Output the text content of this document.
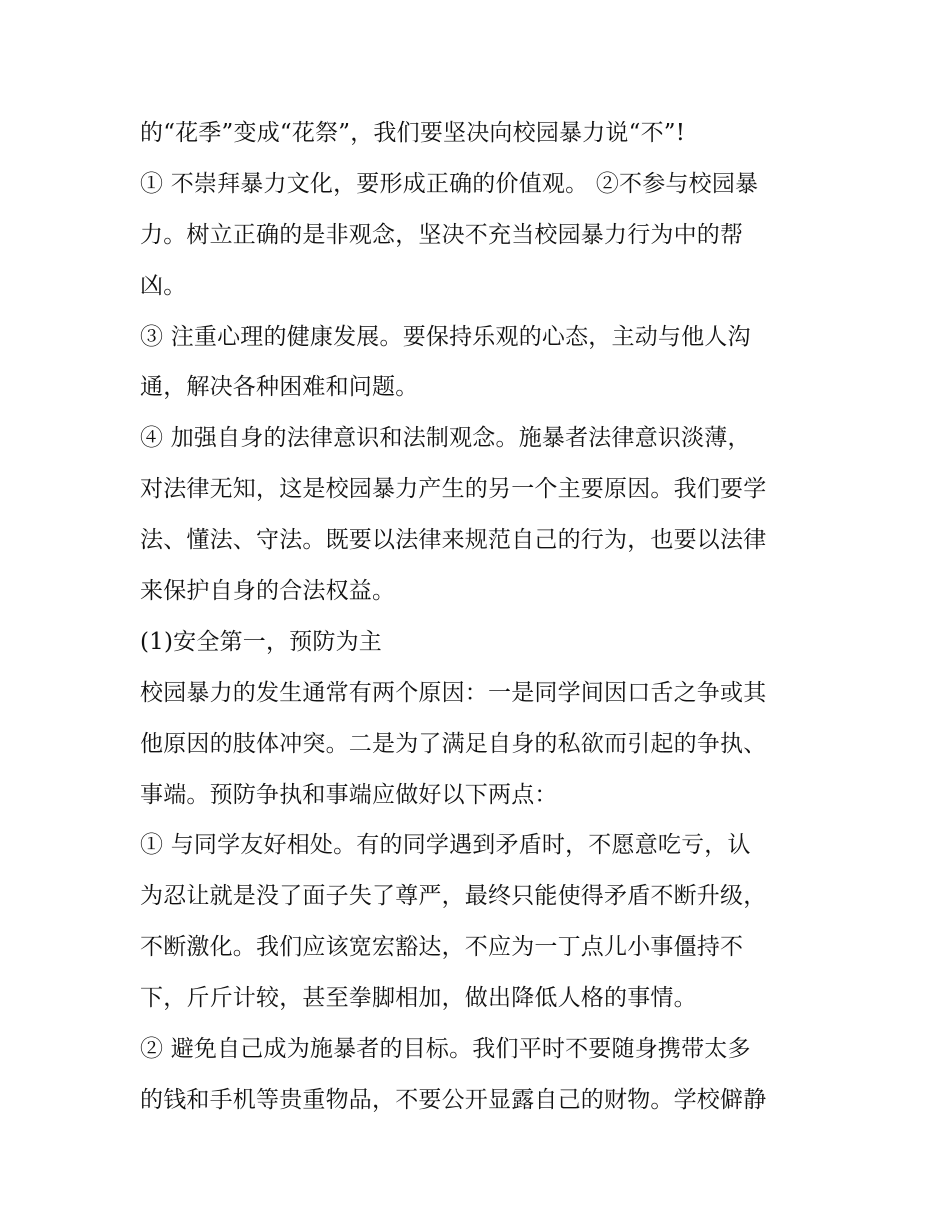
的“花季”变成“花祭”，我们要坚决向校园暴力说“不”!
① 不崇拜暴力文化，要形成正确的价值观。 ②不参与校园暴
力。树立正确的是非观念，坚决不充当校园暴力行为中的帮
凶。
③ 注重心理的健康发展。要保持乐观的心态，主动与他人沟
通，解决各种困难和问题。
④ 加强自身的法律意识和法制观念。施暴者法律意识淡薄，
对法律无知，这是校园暴力产生的另一个主要原因。我们要学
法、懂法、守法。既要以法律来规范自己的行为，也要以法律
来保护自身的合法权益。
(1)安全第一，预防为主
校园暴力的发生通常有两个原因：一是同学间因口舌之争或其
他原因的肢体冲突。二是为了满足自身的私欲而引起的争执、
事端。预防争执和事端应做好以下两点：
① 与同学友好相处。有的同学遇到矛盾时，不愿意吃亏，认
为忍让就是没了面子失了尊严，最终只能使得矛盾不断升级，
不断激化。我们应该宽宏豁达，不应为一丁点儿小事僵持不
下，斤斤计较，甚至拳脚相加，做出降低人格的事情。
② 避免自己成为施暴者的目标。我们平时不要随身携带太多
的钱和手机等贵重物品，不要公开显露自己的财物。学校僻静
